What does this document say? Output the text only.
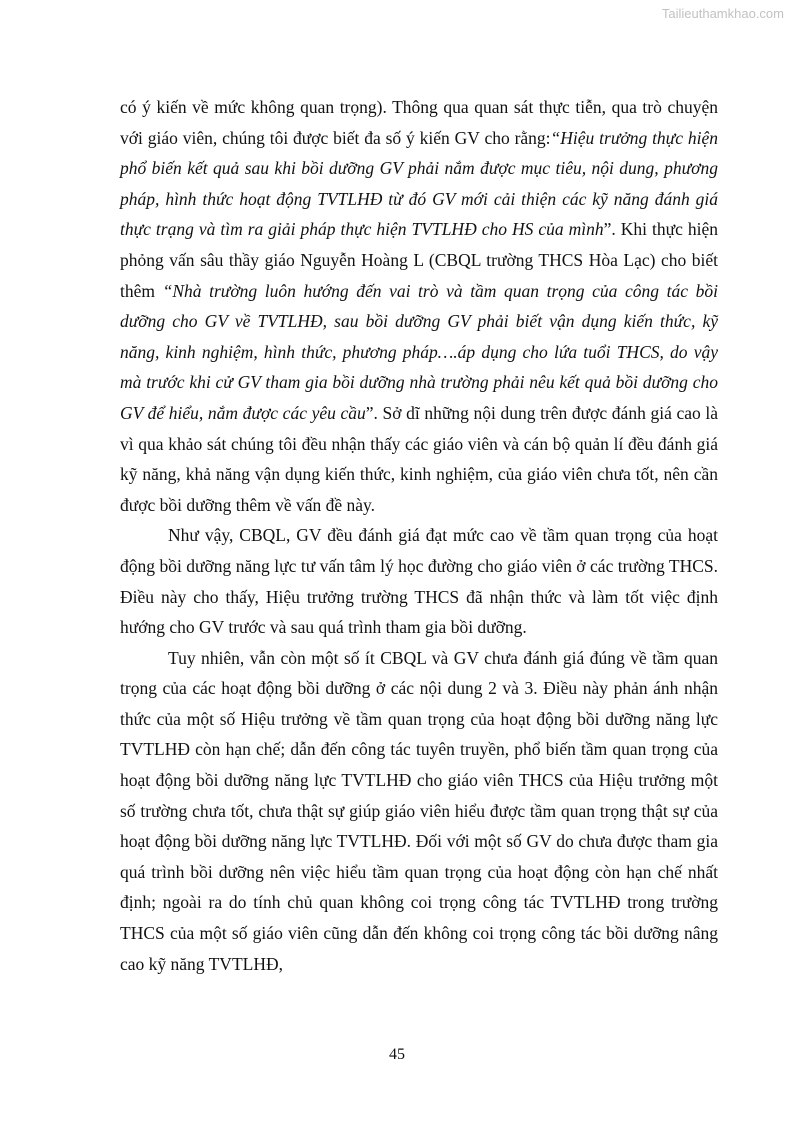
Tailieuthamkhao.com

có ý kiến về mức không quan trọng). Thông qua quan sát thực tiễn, qua trò chuyện với giáo viên, chúng tôi được biết đa số ý kiến GV cho rằng:“Hiệu trưởng thực hiện phổ biến kết quả sau khi bồi dưỡng GV phải nắm được mục tiêu, nội dung, phương pháp, hình thức hoạt động TVTLHĐ từ đó GV mới cải thiện các kỹ năng đánh giá thực trạng và tìm ra giải pháp thực hiện TVTLHĐ cho HS của mình”. Khi thực hiện phỏng vấn sâu thầy giáo Nguyễn Hoàng L (CBQL trường THCS Hòa Lạc) cho biết thêm “Nhà trường luôn hướng đến vai trò và tầm quan trọng của công tác bồi dưỡng cho GV về TVTLHĐ, sau bồi dưỡng GV phải biết vận dụng kiến thức, kỹ năng, kinh nghiệm, hình thức, phương pháp….áp dụng cho lứa tuổi THCS, do vậy mà trước khi cử GV tham gia bồi dưỡng nhà trường phải nêu kết quả bồi dưỡng cho GV để hiểu, nắm được các yêu cầu”. Sở dĩ những nội dung trên được đánh giá cao là vì qua khảo sát chúng tôi đều nhận thấy các giáo viên và cán bộ quản lí đều đánh giá kỹ năng, khả năng vận dụng kiến thức, kinh nghiệm, của giáo viên chưa tốt, nên cần được bồi dưỡng thêm về vấn đề này.

Như vậy, CBQL, GV đều đánh giá đạt mức cao về tầm quan trọng của hoạt động bồi dưỡng năng lực tư vấn tâm lý học đường cho giáo viên ở các trường THCS. Điều này cho thấy, Hiệu trưởng trường THCS đã nhận thức và làm tốt việc định hướng cho GV trước và sau quá trình tham gia bồi dưỡng.

Tuy nhiên, vẫn còn một số ít CBQL và GV chưa đánh giá đúng về tầm quan trọng của các hoạt động bồi dưỡng ở các nội dung 2 và 3. Điều này phản ánh nhận thức của một số Hiệu trưởng về tầm quan trọng của hoạt động bồi dưỡng năng lực TVTLHĐ còn hạn chế; dẫn đến công tác tuyên truyền, phổ biến tầm quan trọng của hoạt động bồi dưỡng năng lực TVTLHĐ cho giáo viên THCS của Hiệu trưởng một số trường chưa tốt, chưa thật sự giúp giáo viên hiểu được tầm quan trọng thật sự của hoạt động bồi dưỡng năng lực TVTLHĐ. Đối với một số GV do chưa được tham gia quá trình bồi dưỡng nên việc hiểu tầm quan trọng của hoạt động còn hạn chế nhất định; ngoài ra do tính chủ quan không coi trọng công tác TVTLHĐ trong trường THCS của một số giáo viên cũng dẫn đến không coi trọng công tác bồi dưỡng nâng cao kỹ năng TVTLHĐ,

45
